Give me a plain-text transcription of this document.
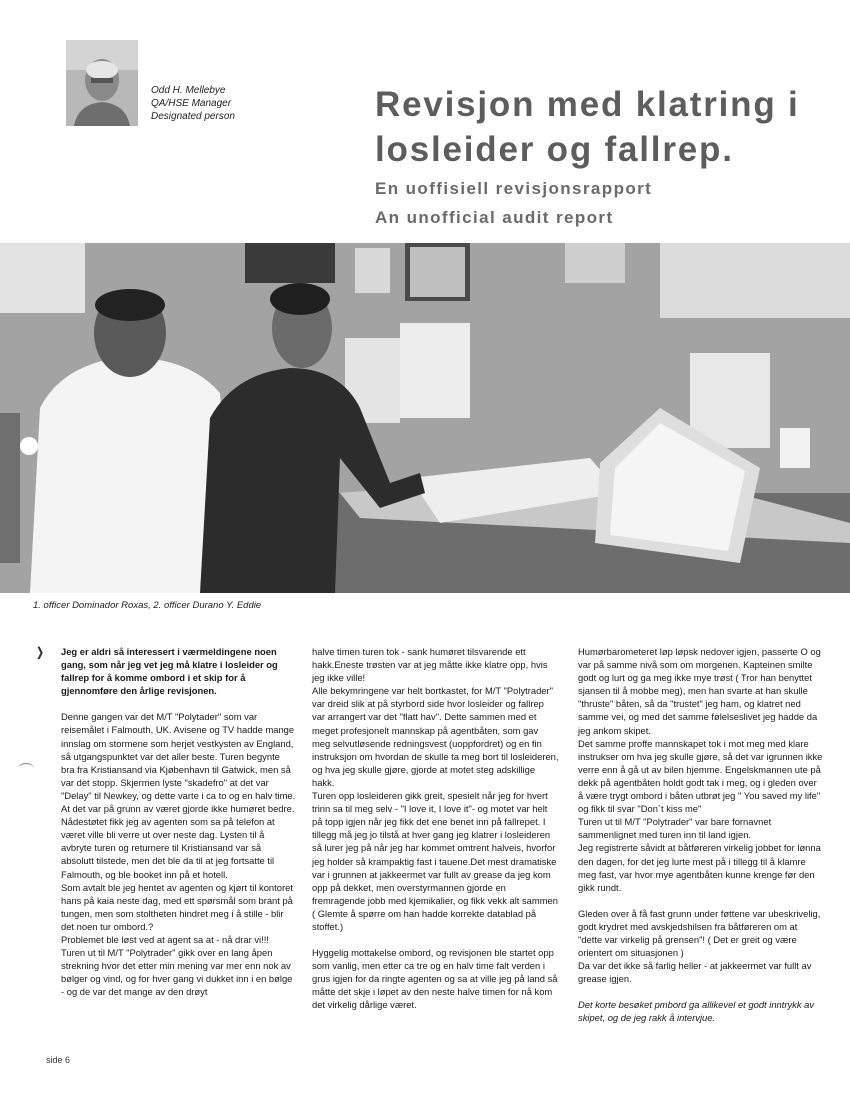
Odd H. Mellebye
QA/HSE Manager
Designated person	Revisjon med klatring i
losleider og fallrep.
En uoffisiell revisjonsrapport
An unofficial audit report
1. officer Dominador Roxas, 2. officer Durano Y. Eddie
❭ Jeg er aldri så interessert i værmeldingene noen gang, som når jeg vet jeg må klatre i losleider og fallrep for å komme ombord i et skip for å gjennomføre den årlige revisjonen.

Denne gangen var det M/T "Polytader" som var reisemålet i Falmouth, UK. Avisene og TV hadde mange innslag om stormene som herjet vestkysten av England, så utgangspunktet var det aller beste. Turen begynte bra fra Kristiansand via Kjøbenhavn til Gatwick, men så var det stopp. Skjermen lyste "skadefro" at det var "Delay" til Newkey, og dette varte i ca to og en halv time. At det var på grunn av været gjorde ikke humøret bedre. Nådestøtet fikk jeg av agenten som sa på telefon at været ville bli verre ut over neste dag. Lysten til å avbryte turen og returnere til Kristiansand var så absolutt tilstede, men det ble da til at jeg fortsatte til Falmouth, og ble booket inn på et hotell.

Som avtalt ble jeg hentet av agenten og kjørt til kontoret hans på kaia neste dag, med ett spørsmål som brant på tungen, men som stoltheten hindret meg i å stille - blir det noen tur ombord.?

Problemet ble løst ved at agent sa at - nå drar vi!!!

Turen ut til M/T "Polytrader" gikk over en lang åpen strekning hvor det etter min mening var mer enn nok av bølger og vind, og for hver gang vi dukket inn i en bølge - og de var det mange av den drøyt

halve timen turen tok - sank humøret tilsvarende ett hakk.Eneste trøsten var at jeg måtte ikke klatre opp, hvis jeg ikke ville!

Alle bekymringene var helt bortkastet, for M/T "Polytrader" var dreid slik at på styrbord side hvor losleider og fallrep var arrangert var det "flatt hav". Dette sammen med et meget profesjonelt mannskap på agentbåten, som gav meg selvutløsende redningsvest (uoppfordret) og en fin instruksjon om hvordan de skulle ta meg bort til losleideren, og hva jeg skulle gjøre, gjorde at motet steg adskillige hakk.

Turen opp losleideren gikk greit, spesielt når jeg for hvert trinn sa til meg selv - "I love it, I love it"- og motet var helt på topp igjen når jeg fikk det ene benet inn på fallrepet. I tillegg må jeg jo tilstå at hver gang jeg klatrer i losleideren så lurer jeg på når jeg har kommet omtrent halveis, hvorfor jeg holder så krampaktig fast i tauene.Det mest dramatiske var i grunnen at jakkeermet var fullt av grease da jeg kom opp på dekket, men overstyrmannen gjorde en fremragende jobb med kjemikalier, og fikk vekk alt sammen ( Glemte å spørre om han hadde korrekte datablad på stoffet.)

Hyggelig mottakelse ombord, og revisjonen ble startet opp som vanlig, men etter ca tre og en halv time falt verden i grus igjen for da ringte agenten og sa at ville jeg på land så måtte det skje i løpet av den neste halve timen for nå kom det virkelig dårlige været.

Humørbarometeret løp løpsk nedover igjen, passerte O og var på samme nivå som om morgenen. Kapteinen smilte godt og lurt og ga meg ikke mye trøst ( Tror han benyttet sjansen til å mobbe meg), men han svarte at han skulle "thruste" båten, så da "trustet" jeg ham, og klatret ned samme vei, og med det samme følelseslivet jeg hadde da jeg ankom skipet.

Det samme proffe mannskapet tok i mot meg med klare instrukser om hva jeg skulle gjøre, så det var igrunnen ikke verre enn å gå ut av bilen hjemme. Engelskmannen ute på dekk på agentbåten holdt godt tak i meg, og i gleden over å være trygt ombord i båten utbrøt jeg " You saved my life" og fikk til svar "Don`t kiss me"

Turen ut til M/T "Polytrader" var bare fornavnet sammenlignet med turen inn til land igjen.

Jeg registrerte såvidt at båtføreren virkelig jobbet for lønna den dagen, for det jeg lurte mest på i tillegg til å klamre meg fast, var hvor mye agentbåten kunne krenge før den gikk rundt.

Gleden over å få fast grunn under føttene var ubeskrivelig, godt krydret med avskjedshilsen fra båtføreren om at "dette var virkelig på grensen"! ( Det er greit og være orientert om situasjonen )

Da var det ikke så farlig heller - at jakkeermet var fullt av grease igjen.

Det korte besøket pmbord ga allikevel et godt inntrykk av skipet, og de jeg rakk å intervjue.

side 6
